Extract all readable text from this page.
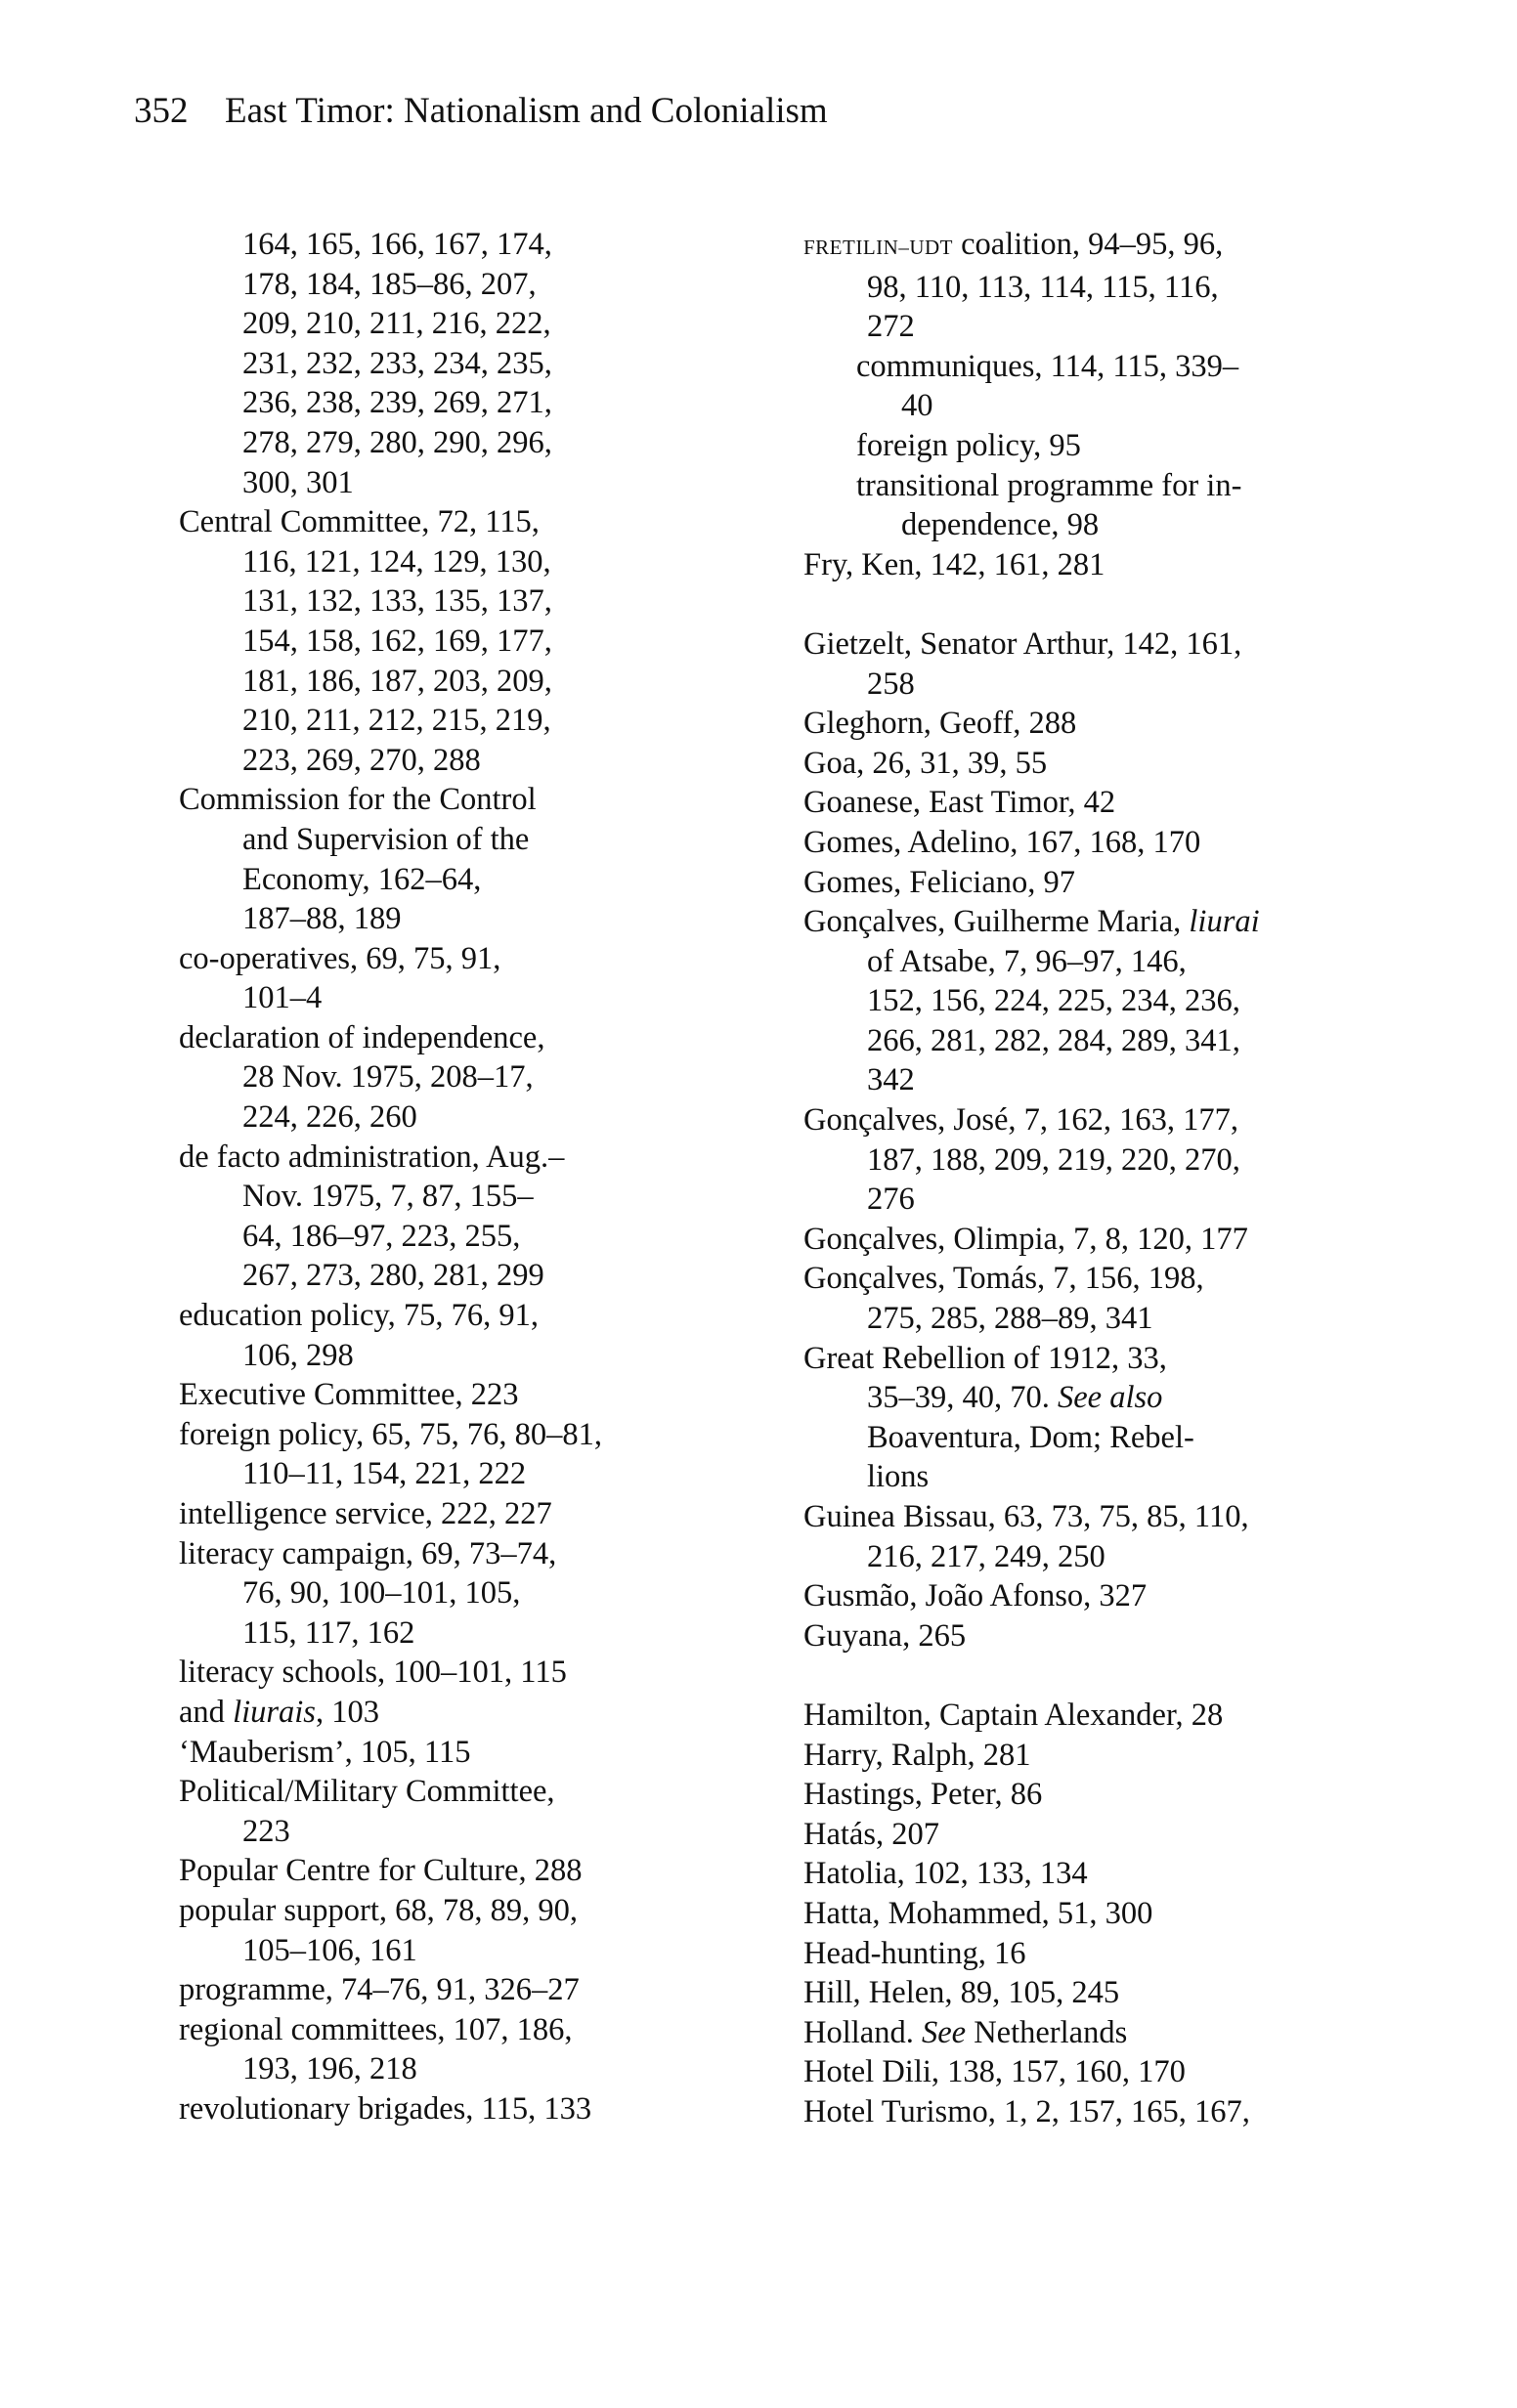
352 East Timor: Nationalism and Colonialism
164, 165, 166, 167, 174,
178, 184, 185–86, 207,
209, 210, 211, 216, 222,
231, 232, 233, 234, 235,
236, 238, 239, 269, 271,
278, 279, 280, 290, 296,
300, 301
Central Committee, 72, 115,
116, 121, 124, 129, 130,
131, 132, 133, 135, 137,
154, 158, 162, 169, 177,
181, 186, 187, 203, 209,
210, 211, 212, 215, 219,
223, 269, 270, 288
Commission for the Control
and Supervision of the
Economy, 162–64,
187–88, 189
co-operatives, 69, 75, 91,
101–4
declaration of independence,
28 Nov. 1975, 208–17,
224, 226, 260
de facto administration, Aug.–
Nov. 1975, 7, 87, 155–
64, 186–97, 223, 255,
267, 273, 280, 281, 299
education policy, 75, 76, 91,
106, 298
Executive Committee, 223
foreign policy, 65, 75, 76, 80–81,
110–11, 154, 221, 222
intelligence service, 222, 227
literacy campaign, 69, 73–74,
76, 90, 100–101, 105,
115, 117, 162
literacy schools, 100–101, 115
and liurais, 103
‘Mauberism’, 105, 115
Political/Military Committee,
223
Popular Centre for Culture, 288
popular support, 68, 78, 89, 90,
105–106, 161
programme, 74–76, 91, 326–27
regional committees, 107, 186,
193, 196, 218
revolutionary brigades, 115, 133
FRETILIN–UDT coalition, 94–95, 96,
98, 110, 113, 114, 115, 116,
272
communiques, 114, 115, 339–
40
foreign policy, 95
transitional programme for in-
dependence, 98
Fry, Ken, 142, 161, 281
Gietzelt, Senator Arthur, 142, 161,
258
Gleghorn, Geoff, 288
Goa, 26, 31, 39, 55
Goanese, East Timor, 42
Gomes, Adelino, 167, 168, 170
Gomes, Feliciano, 97
Gonçalves, Guilherme Maria, liurai
of Atsabe, 7, 96–97, 146,
152, 156, 224, 225, 234, 236,
266, 281, 282, 284, 289, 341,
342
Gonçalves, José, 7, 162, 163, 177,
187, 188, 209, 219, 220, 270,
276
Gonçalves, Olimpia, 7, 8, 120, 177
Gonçalves, Tomás, 7, 156, 198,
275, 285, 288–89, 341
Great Rebellion of 1912, 33,
35–39, 40, 70. See also
Boaventura, Dom; Rebel-
lions
Guinea Bissau, 63, 73, 75, 85, 110,
216, 217, 249, 250
Gusmão, João Afonso, 327
Guyana, 265
Hamilton, Captain Alexander, 28
Harry, Ralph, 281
Hastings, Peter, 86
Hatás, 207
Hatolia, 102, 133, 134
Hatta, Mohammed, 51, 300
Head-hunting, 16
Hill, Helen, 89, 105, 245
Holland. See Netherlands
Hotel Dili, 138, 157, 160, 170
Hotel Turismo, 1, 2, 157, 165, 167,
